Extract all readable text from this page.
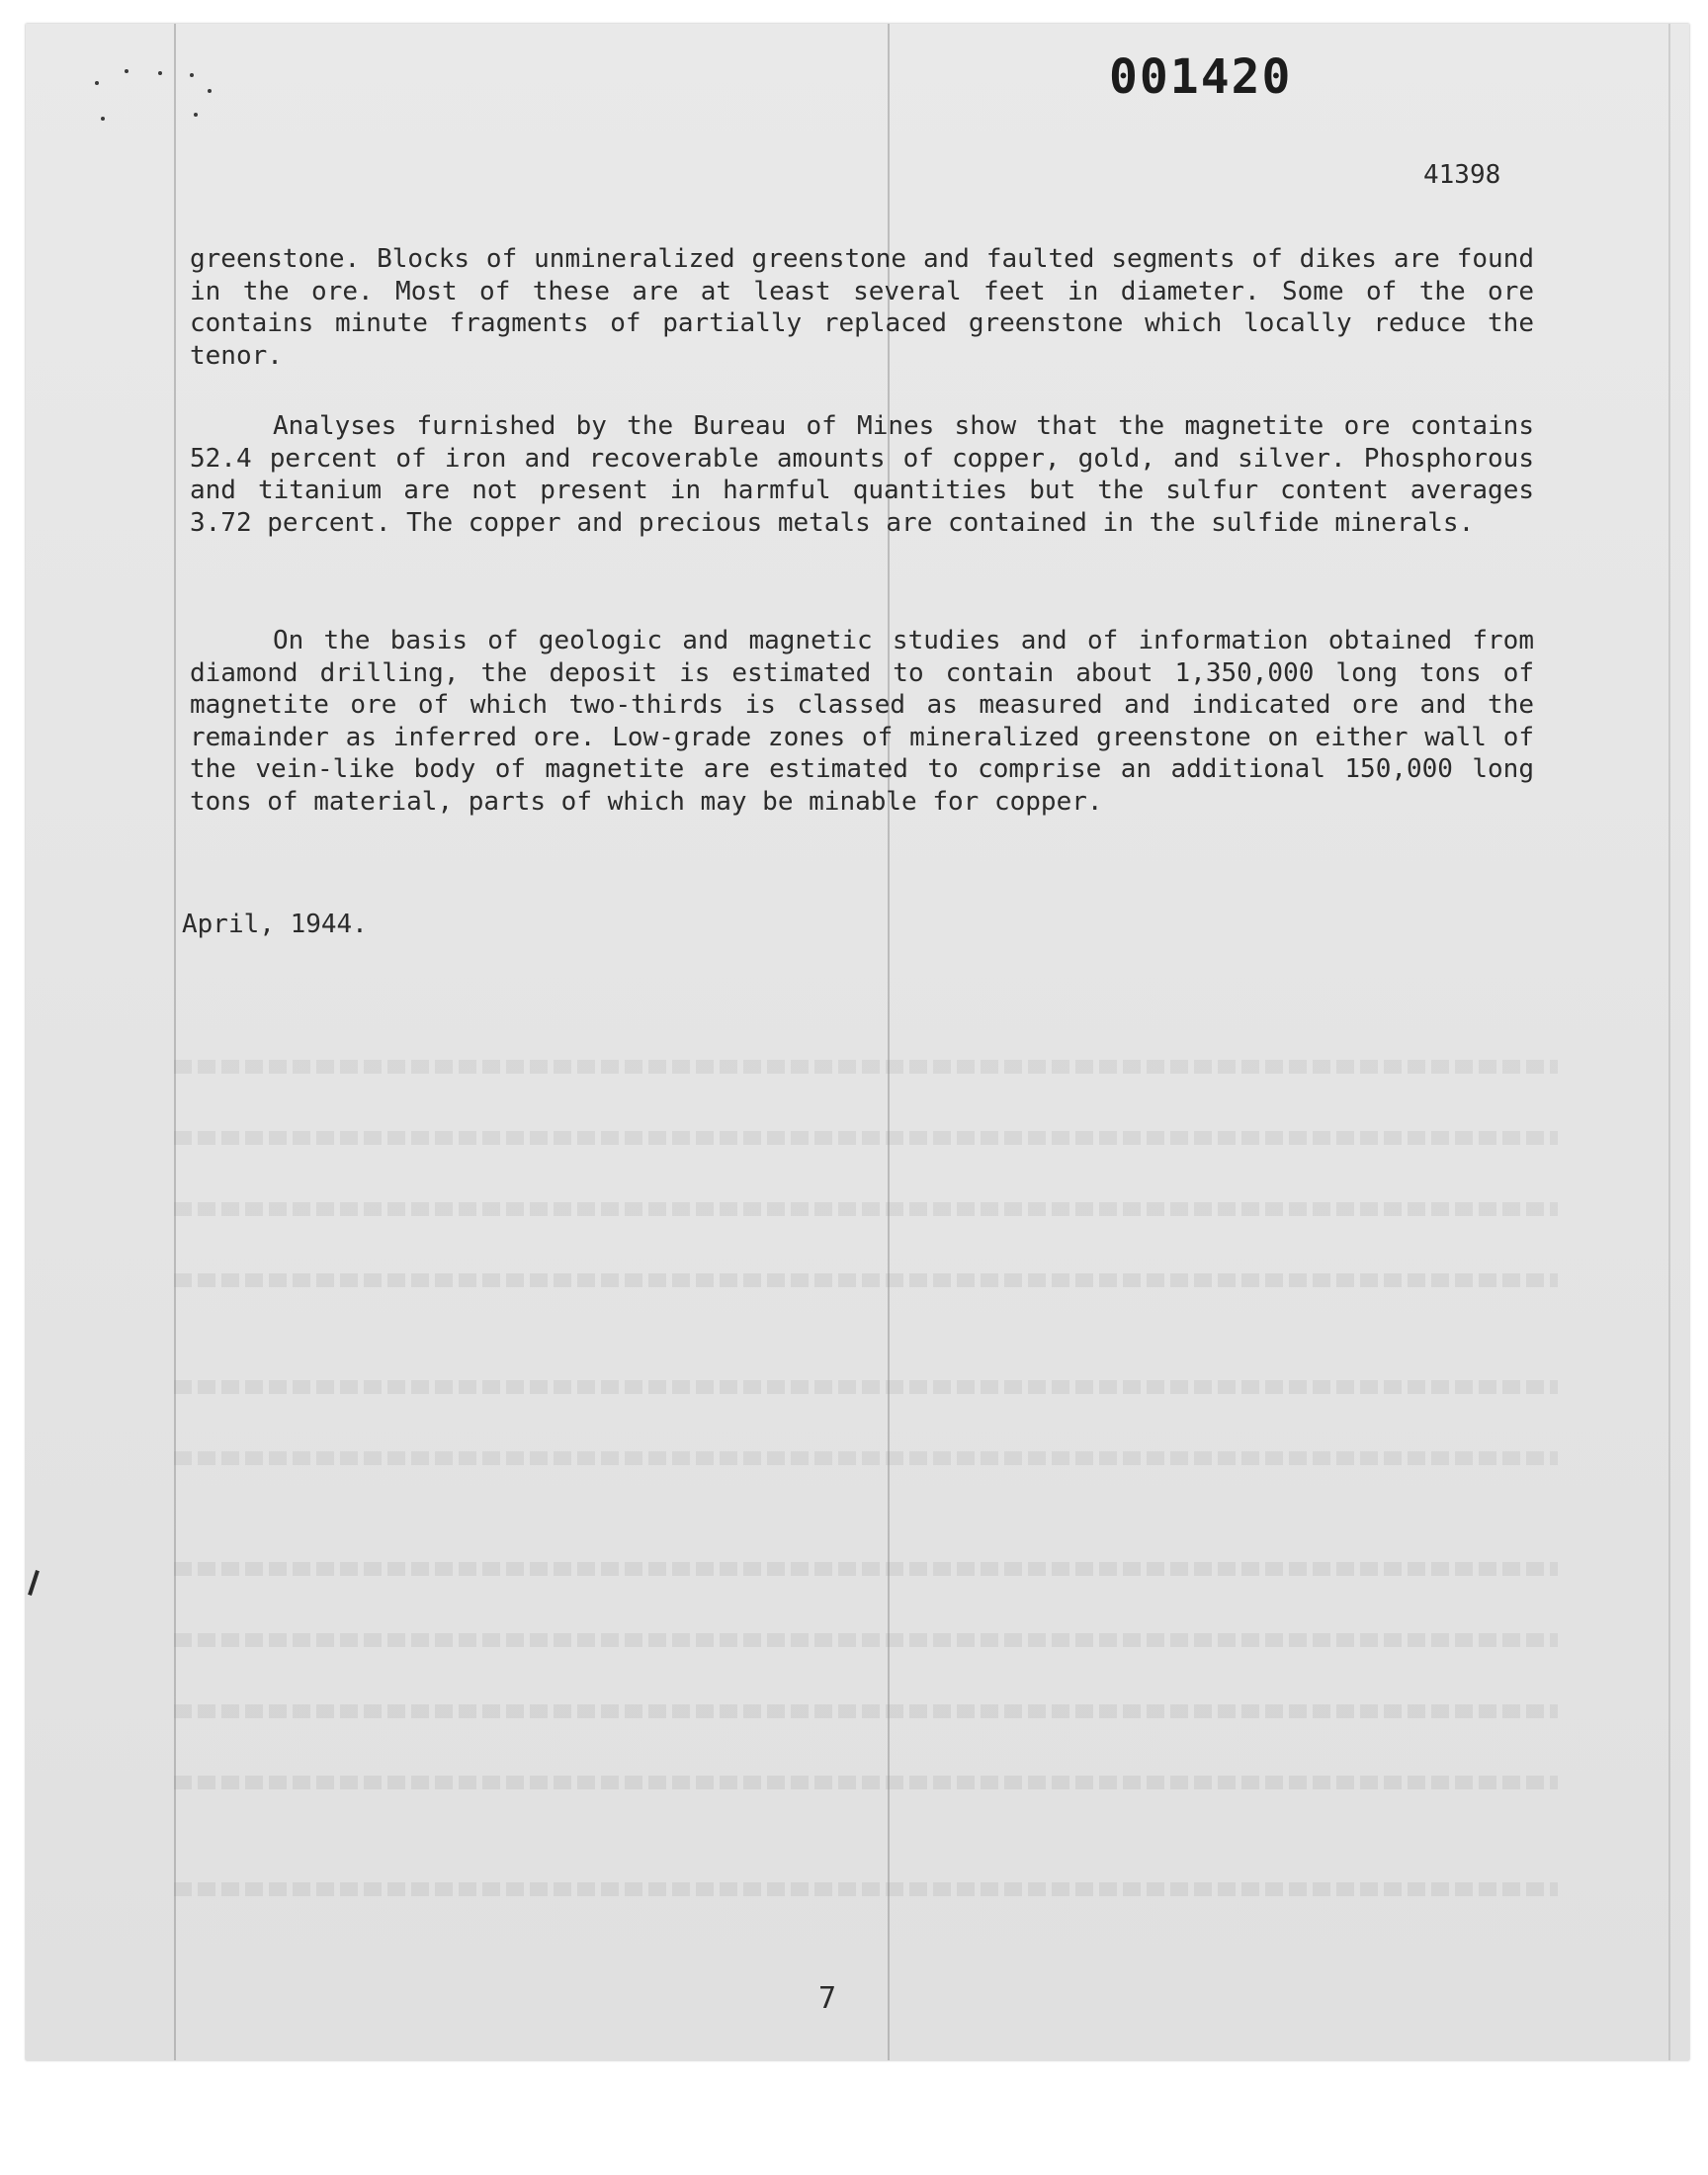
001420
41398

greenstone. Blocks of unmineralized greenstone and faulted segments of dikes are found in the ore. Most of these are at least several feet in diameter. Some of the ore contains minute fragments of partially replaced greenstone which locally reduce the tenor.

Analyses furnished by the Bureau of Mines show that the magnetite ore contains 52.4 percent of iron and recoverable amounts of copper, gold, and silver. Phosphorous and titanium are not present in harmful quantities but the sulfur content averages 3.72 percent. The copper and precious metals are contained in the sulfide minerals.

On the basis of geologic and magnetic studies and of information obtained from diamond drilling, the deposit is estimated to contain about 1,350,000 long tons of magnetite ore of which two-thirds is classed as measured and indicated ore and the remainder as inferred ore. Low-grade zones of mineralized greenstone on either wall of the vein-like body of magnetite are estimated to comprise an additional 150,000 long tons of material, parts of which may be minable for copper.

April, 1944.
7
